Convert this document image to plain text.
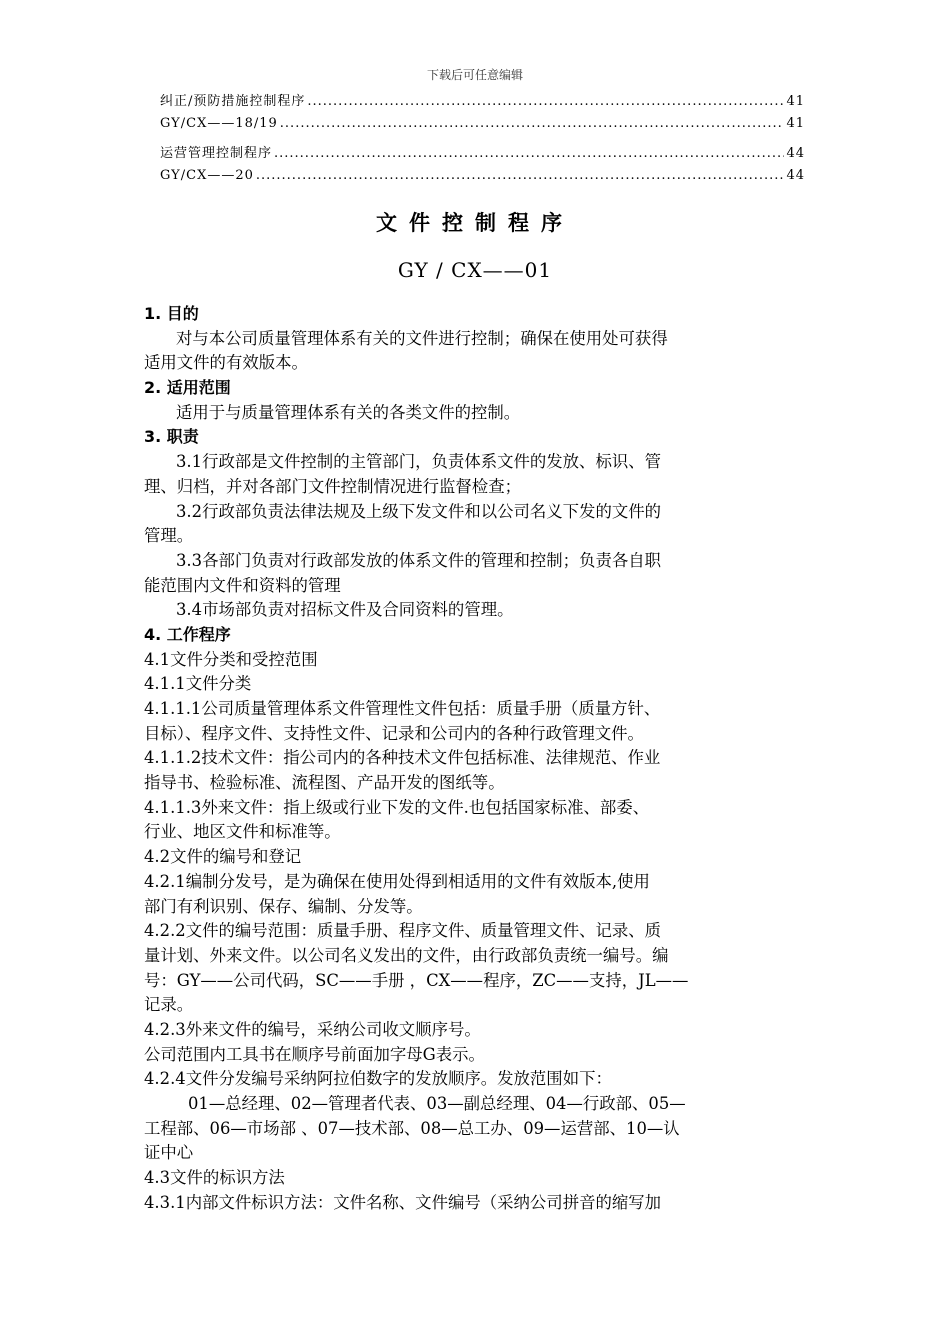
下载后可任意编辑
纠正/预防措施控制程序 .....	41
GY/CX——18/19 .....	41
运营管理控制程序 .....	44
GY/CX——20 .....	44
文件控制程序
GY / CX——01
1. 目的
对与本公司质量管理体系有关的文件进行控制；确保在使用处可获得
适用文件的有效版本。
2. 适用范围
适用于与质量管理体系有关的各类文件的控制。
3. 职责
3.1行政部是文件控制的主管部门，负责体系文件的发放、标识、管
理、归档，并对各部门文件控制情况进行监督检查；
3.2行政部负责法律法规及上级下发文件和以公司名义下发的文件的
管理。
3.3各部门负责对行政部发放的体系文件的管理和控制；负责各自职
能范围内文件和资料的管理
3.4市场部负责对招标文件及合同资料的管理。
4. 工作程序
4.1文件分类和受控范围
4.1.1文件分类
4.1.1.1公司质量管理体系文件管理性文件包括：质量手册（质量方针、
目标）、程序文件、支持性文件、记录和公司内的各种行政管理文件。
4.1.1.2技术文件：指公司内的各种技术文件包括标准、法律规范、作业
指导书、检验标准、流程图、产品开发的图纸等。
4.1.1.3外来文件：指上级或行业下发的文件.也包括国家标准、部委、
行业、地区文件和标准等。
4.2文件的编号和登记
4.2.1编制分发号，是为确保在使用处得到相适用的文件有效版本,使用
部门有利识别、保存、编制、分发等。
4.2.2文件的编号范围：质量手册、程序文件、质量管理文件、记录、质
量计划、外来文件。以公司名义发出的文件，由行政部负责统一编号。编
号：GY——公司代码，SC——手册 ，CX——程序，ZC——支持，JL——
记录。
4.2.3外来文件的编号，采纳公司收文顺序号。
公司范围内工具书在顺序号前面加字母G表示。
4.2.4文件分发编号采纳阿拉伯数字的发放顺序。发放范围如下：
01—总经理、02—管理者代表、03—副总经理、04—行政部、05—
工程部、06—市场部 、07—技术部、08—总工办、09—运营部、10—认
证中心
4.3文件的标识方法
4.3.1内部文件标识方法：文件名称、文件编号（采纳公司拼音的缩写加
